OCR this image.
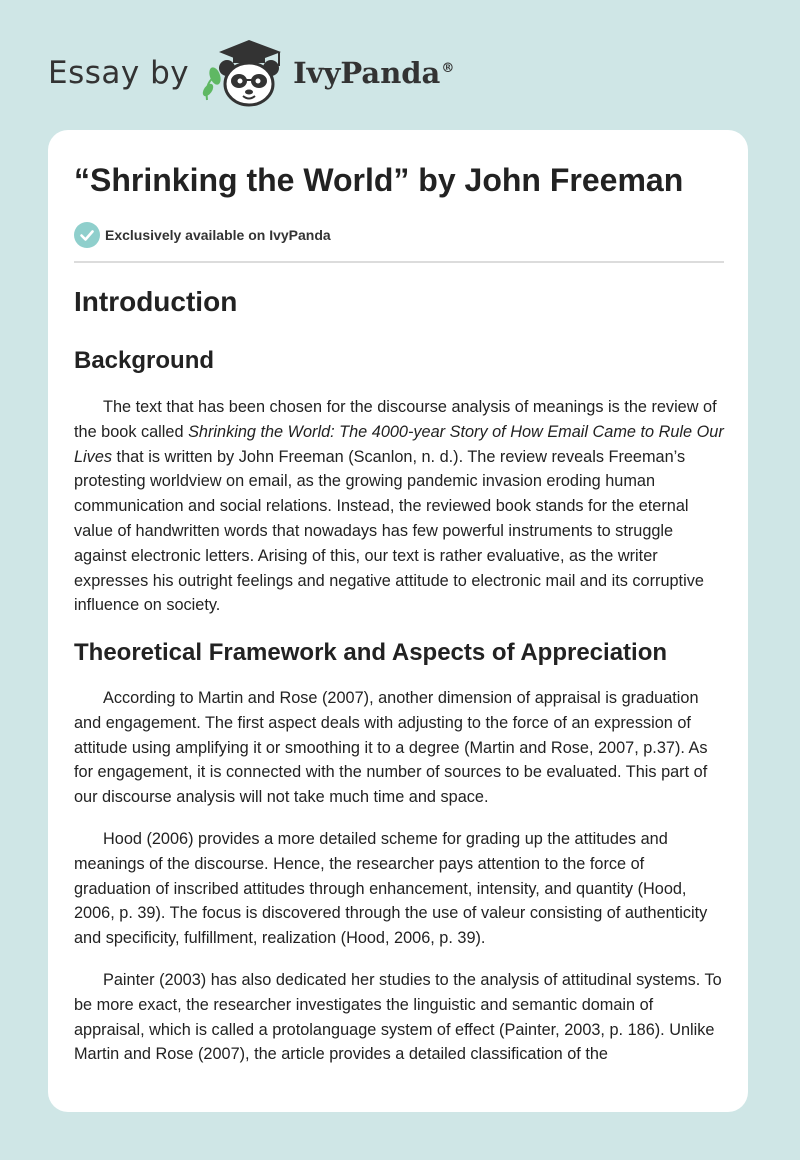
Essay by	IvyPanda®
“Shrinking the World” by John Freeman
Exclusively available on IvyPanda
Introduction
Background

The text that has been chosen for the discourse analysis of meanings is the review of the book called Shrinking the World: The 4000-year Story of How Email Came to Rule Our Lives that is written by John Freeman (Scanlon, n. d.). The review reveals Freeman’s protesting worldview on email, as the growing pandemic invasion eroding human communication and social relations. Instead, the reviewed book stands for the eternal value of handwritten words that nowadays has few powerful instruments to struggle against electronic letters. Arising of this, our text is rather evaluative, as the writer expresses his outright feelings and negative attitude to electronic mail and its corruptive influence on society.

Theoretical Framework and Aspects of Appreciation

According to Martin and Rose (2007), another dimension of appraisal is graduation and engagement. The first aspect deals with adjusting to the force of an expression of attitude using amplifying it or smoothing it to a degree (Martin and Rose, 2007, p.37). As for engagement, it is connected with the number of sources to be evaluated. This part of our discourse analysis will not take much time and space.

Hood (2006) provides a more detailed scheme for grading up the attitudes and meanings of the discourse. Hence, the researcher pays attention to the force of graduation of inscribed attitudes through enhancement, intensity, and quantity (Hood, 2006, p. 39). The focus is discovered through the use of valeur consisting of authenticity and specificity, fulfillment, realization (Hood, 2006, p. 39).

Painter (2003) has also dedicated her studies to the analysis of attitudinal systems. To be more exact, the researcher investigates the linguistic and semantic domain of appraisal, which is called a protolanguage system of effect (Painter, 2003, p. 186). Unlike Martin and Rose (2007), the article provides a detailed classification of the
